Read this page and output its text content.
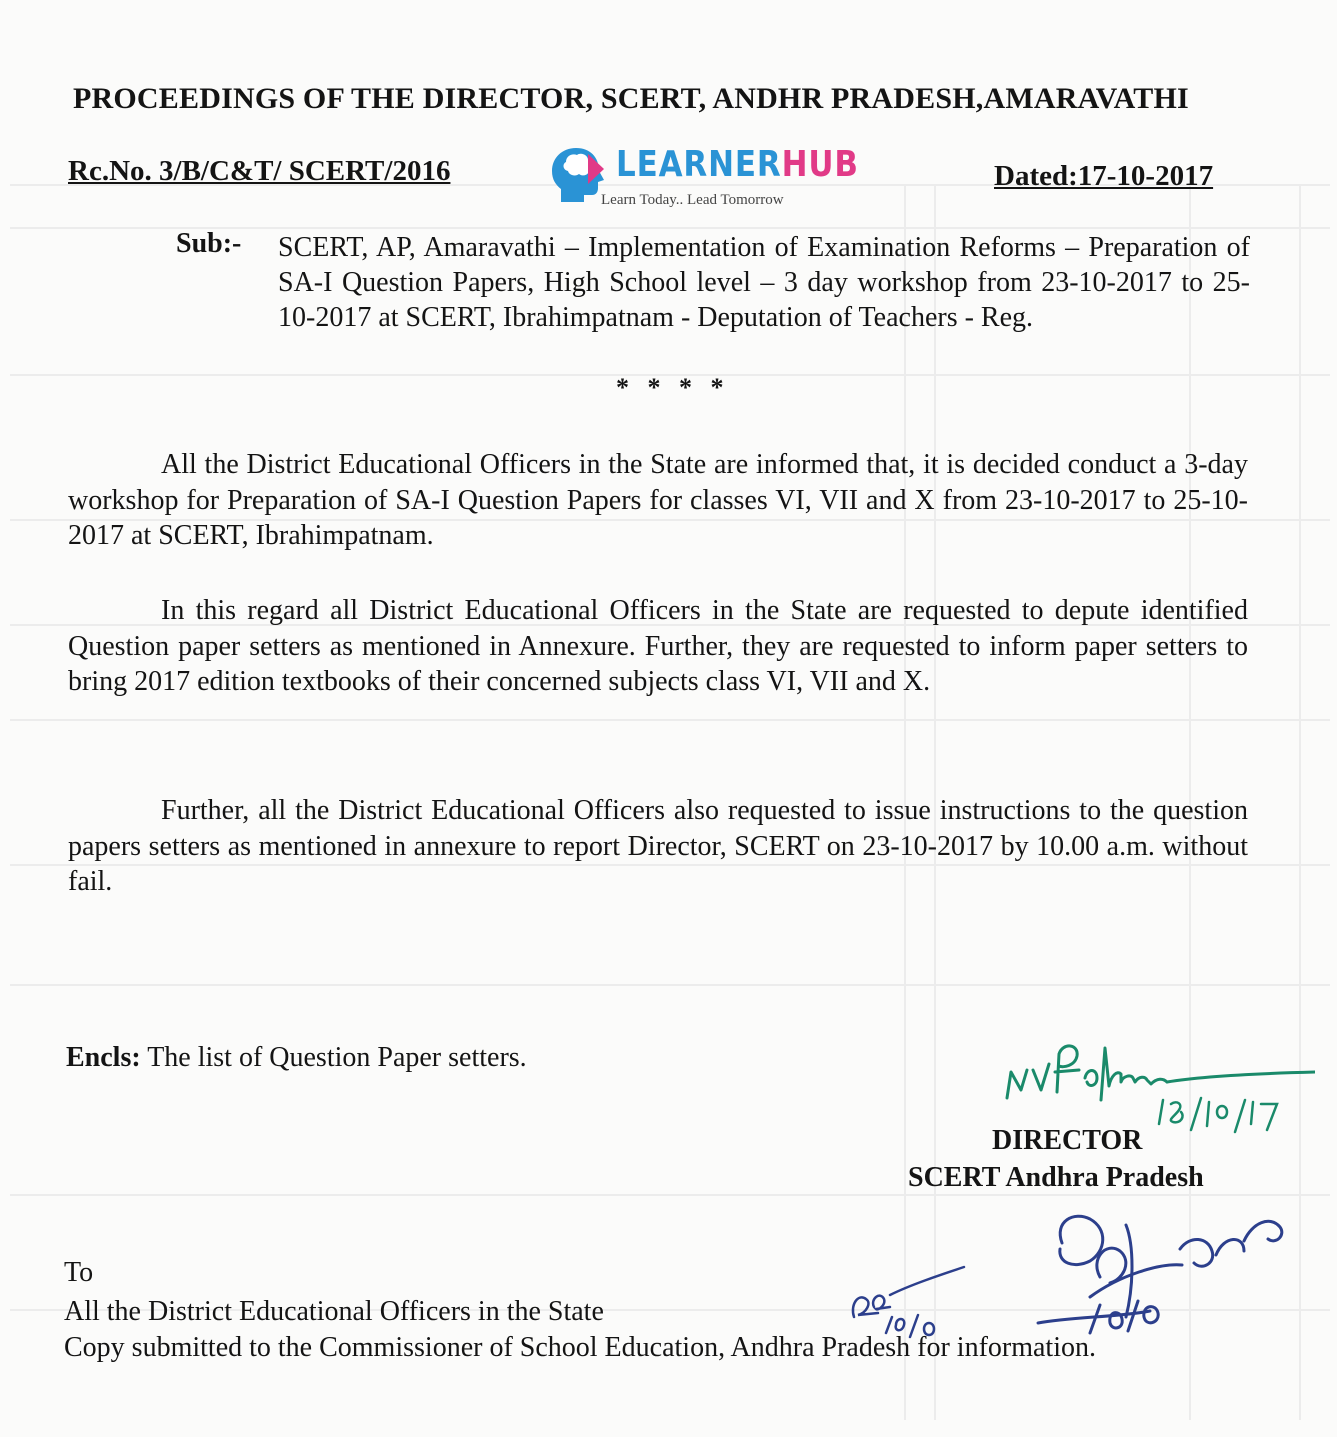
PROCEEDINGS OF THE DIRECTOR, SCERT, ANDHR PRADESH,AMARAVATHI
Rc.No. 3/B/C&T/ SCERT/2016	LEARNERHUB
Learn Today.. Lead Tomorrow
Dated:17-10-2017
Sub:- SCERT, AP, Amaravathi – Implementation of Examination Reforms – Preparation of SA-I Question Papers, High School level – 3 day workshop from 23-10-2017 to 25-10-2017 at SCERT, Ibrahimpatnam - Deputation of Teachers - Reg.
* * * *
All the District Educational Officers in the State are informed that, it is decided conduct a 3-day workshop for Preparation of SA-I Question Papers for classes VI, VII and X from 23-10-2017 to 25-10-2017 at SCERT, Ibrahimpatnam.
In this regard all District Educational Officers in the State are requested to depute identified Question paper setters as mentioned in Annexure. Further, they are requested to inform paper setters to bring 2017 edition textbooks of their concerned subjects class VI, VII and X.
Further, all the District Educational Officers also requested to issue instructions to the question papers setters as mentioned in annexure to report Director, SCERT on 23-10-2017 by 10.00 a.m. without fail.
Encls: The list of Question Paper setters.
DIRECTOR
SCERT Andhra Pradesh
To
All the District Educational Officers in the State
Copy submitted to the Commissioner of School Education, Andhra Pradesh for information.
